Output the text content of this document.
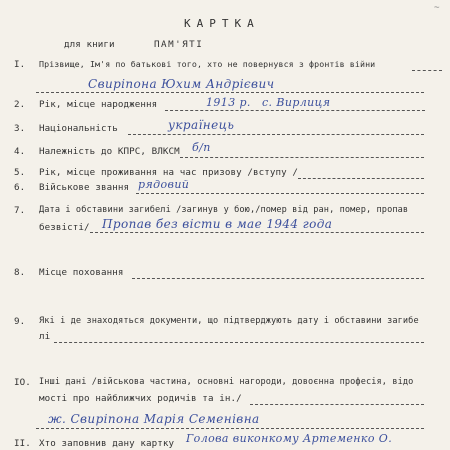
КАРТКА
~
для книги	ПАМ'ЯТІ
І. Прізвище, Ім'я по батькові того, хто не повернувся з фронтів війни
Свиріпона Юхим Андрієвич
2. Рік, місце народження	1913 р. с. Вирлиця
3. Національність	українець
4. Належність до КПРС, ВЛКСМ б/п
5. Рік, місце проживання на час призову /вступу /
6. Військове звання рядовий
7. Дата і обставини загибелі /загинув у бою,/помер від ран, помер, пропав
безвісті/ Пропав без вісти в мае 1944 года
8. Місце поховання
9. Які і де знаходяться документи, що підтверджують дату і обставини загибе
лі
IO. Інші дані /військова частина, основні нагороди, довоєнна професія, відо
мості про найближчих родичів та ін./
ж. Свиріпона Марія Семенівна
II. Хто заповнив дану картку Голова виконкому Артеменко О.
